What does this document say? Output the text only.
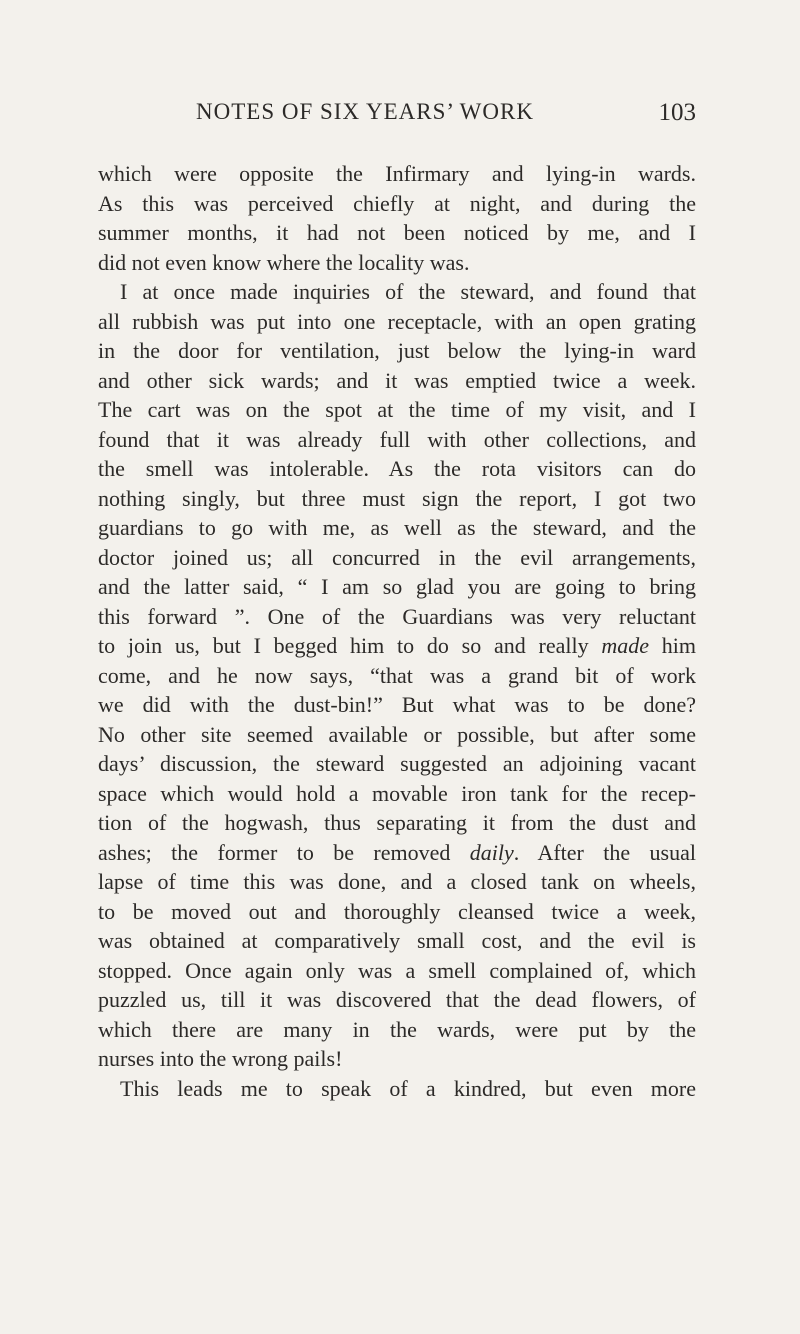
NOTES OF SIX YEARS’ WORK	103
which were opposite the Infirmary and lying-in wards.
As this was perceived chiefly at night, and during the
summer months, it had not been noticed by me, and I
did not even know where the locality was.
I at once made inquiries of the steward, and found that
all rubbish was put into one receptacle, with an open grating
in the door for ventilation, just below the lying-in ward
and other sick wards; and it was emptied twice a week.
The cart was on the spot at the time of my visit, and I
found that it was already full with other collections, and
the smell was intolerable. As the rota visitors can do
nothing singly, but three must sign the report, I got two
guardians to go with me, as well as the steward, and the
doctor joined us; all concurred in the evil arrangements,
and the latter said, “ I am so glad you are going to bring
this forward ”. One of the Guardians was very reluctant
to join us, but I begged him to do so and really made him
come, and he now says, “that was a grand bit of work
we did with the dust-bin!” But what was to be done?
No other site seemed available or possible, but after some
days’ discussion, the steward suggested an adjoining vacant
space which would hold a movable iron tank for the recep-
tion of the hogwash, thus separating it from the dust and
ashes; the former to be removed daily. After the usual
lapse of time this was done, and a closed tank on wheels,
to be moved out and thoroughly cleansed twice a week,
was obtained at comparatively small cost, and the evil is
stopped. Once again only was a smell complained of, which
puzzled us, till it was discovered that the dead flowers, of
which there are many in the wards, were put by the
nurses into the wrong pails!
This leads me to speak of a kindred, but even more
